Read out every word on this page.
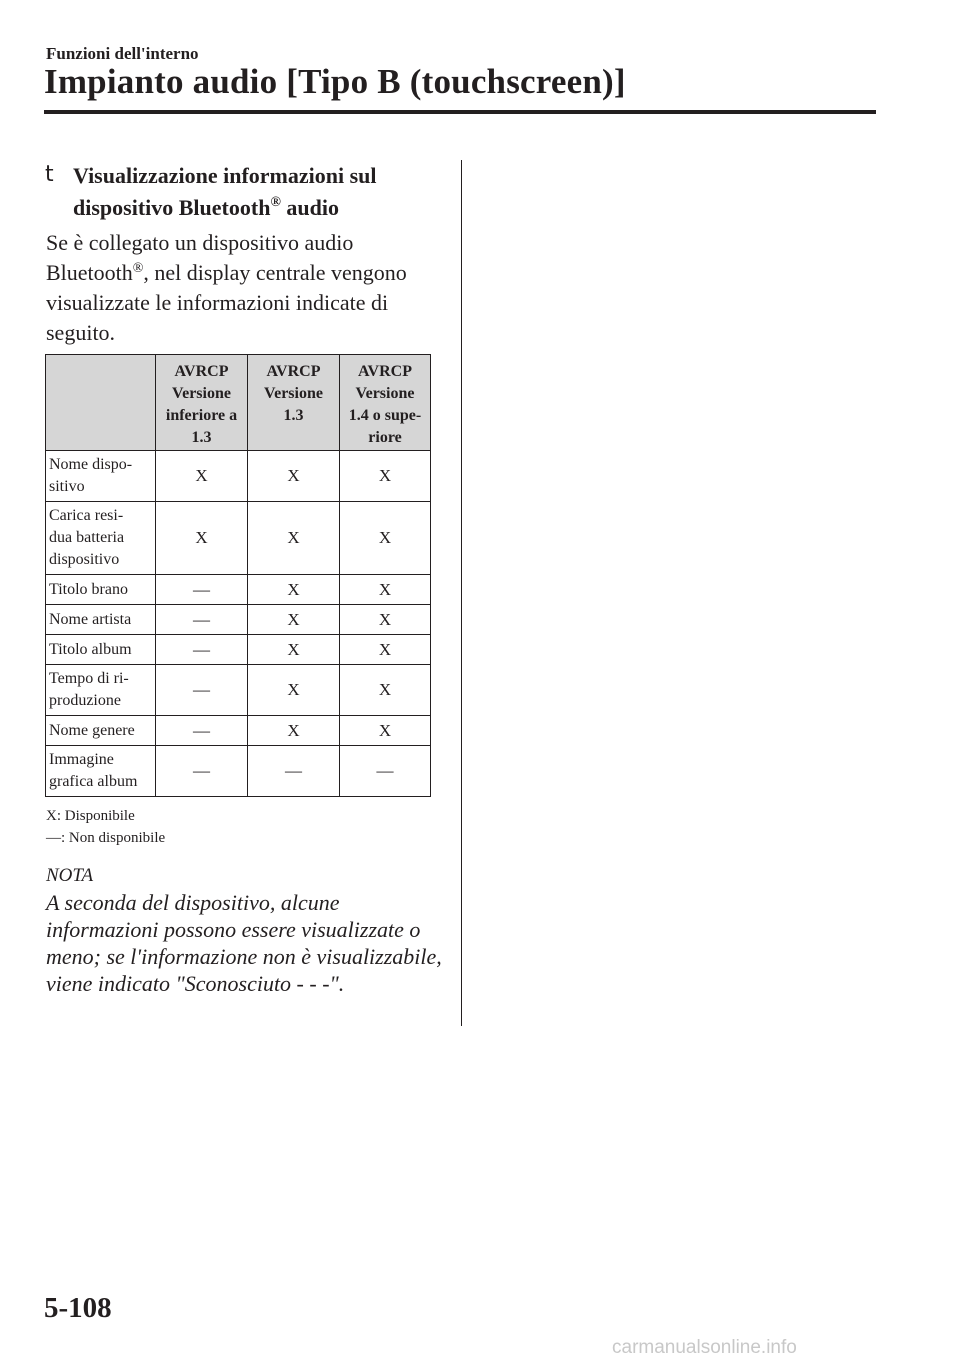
Funzioni dell'interno
Impianto audio [Tipo B (touchscreen)]
t Visualizzazione informazioni sul
dispositivo Bluetooth® audio
Se è collegato un dispositivo audio Bluetooth®, nel display centrale vengono visualizzate le informazioni indicate di seguito.
	AVRCP
Versione
inferiore a
1.3	AVRCP
Versione
1.3	AVRCP
Versione
1.4 o supe-
riore
Nome dispo-
sitivo	X	X	X
Carica resi-
dua batteria
dispositivo	X	X	X
Titolo brano	—	X	X
Nome artista	—	X	X
Titolo album	—	X	X
Tempo di ri-
produzione	—	X	X
Nome genere	—	X	X
Immagine
grafica album	—	—	—
X: Disponibile
—: Non disponibile
NOTA
A seconda del dispositivo, alcune informazioni possono essere visualizzate o meno; se l'informazione non è visualizzabile, viene indicato "Sconosciuto - - -".
5-108
carmanualsonline.info
